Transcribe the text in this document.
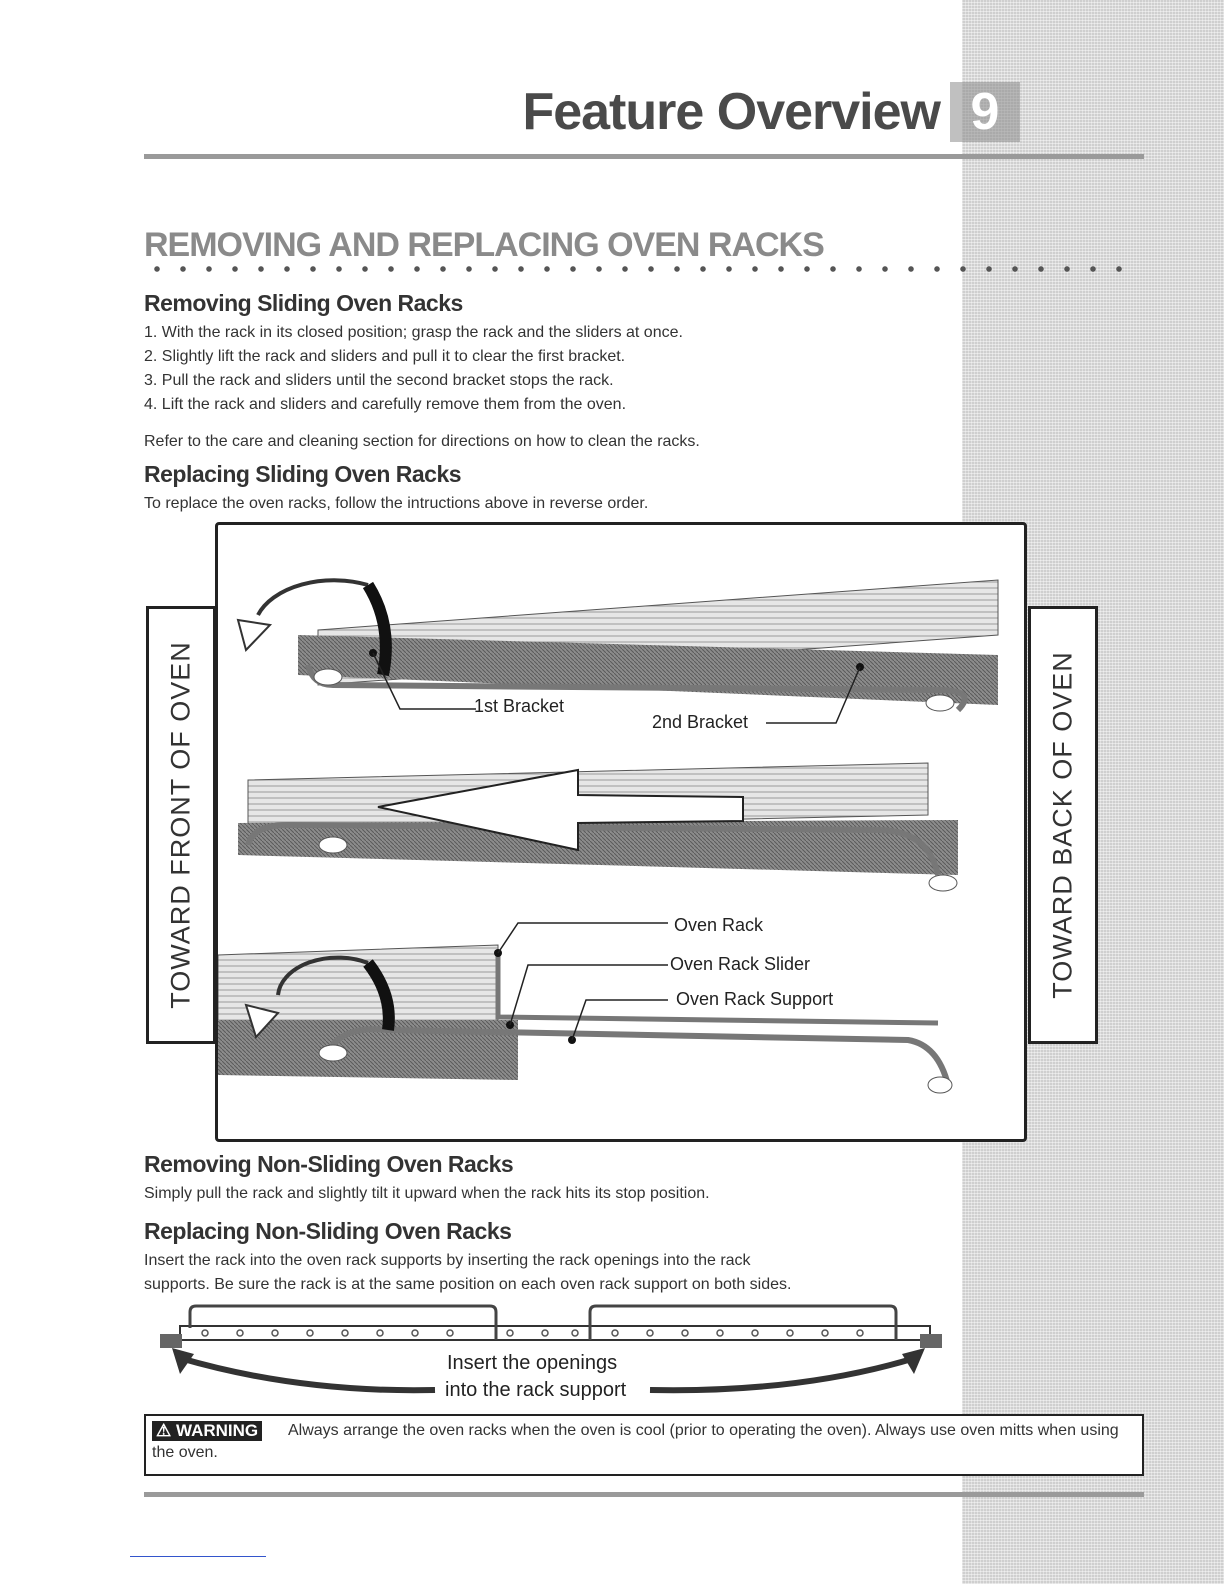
Feature Overview 9
REMOVING AND REPLACING OVEN RACKS
Removing Sliding Oven Racks
1. With the rack in its closed position; grasp the rack and the sliders at once.
2. Slightly lift the rack and sliders and pull it to clear the first bracket.
3. Pull the rack and sliders until the second bracket stops the rack.
4. Lift the rack and sliders and carefully remove them from the oven.
Refer to the care and cleaning section for directions on how to clean the racks.
Replacing Sliding Oven Racks
To replace the oven racks, follow the intructions above in reverse order.
TOWARD FRONT OF OVEN	TOWARD BACK OF OVEN
1st Bracket
2nd Bracket
Oven Rack
Oven Rack Slider
Oven Rack Support
Removing Non-Sliding Oven Racks
Simply pull the rack and slightly tilt it upward when the rack hits its stop position.
Replacing Non-Sliding Oven Racks
Insert the rack into the oven rack supports by inserting the rack openings into the rack
supports. Be sure the rack is at the same position on each oven rack support on both sides.
Insert the openings
into the rack support
Always arrange the oven racks when the oven is cool (prior to operating the oven). Always use oven mitts when using the oven.
⚠ WARNING
